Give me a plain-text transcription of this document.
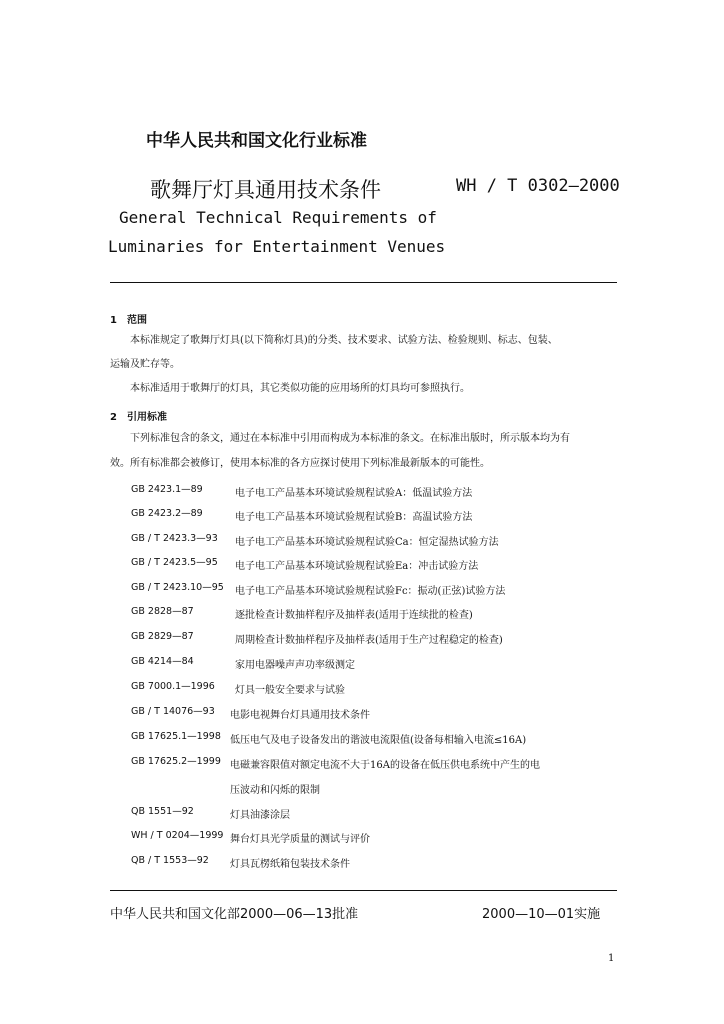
中华人民共和国文化行业标准
歌舞厅灯具通用技术条件	WH / T 0302—2000
General Technical Requirements of
Luminaries for Entertainment Venues
1　范围
本标准规定了歌舞厅灯具(以下简称灯具)的分类、技术要求、试验方法、检验规则、标志、包装、
运输及贮存等。
本标准适用于歌舞厅的灯具，其它类似功能的应用场所的灯具均可参照执行。
2　引用标准
下列标准包含的条文，通过在本标准中引用而构成为本标准的条文。在标准出版时，所示版本均为有
效。所有标准都会被修订，使用本标准的各方应探讨使用下列标准最新版本的可能性。
GB 2423.1—89	电子电工产品基本环境试验规程试验A：低温试验方法
GB 2423.2—89	电子电工产品基本环境试验规程试验B：高温试验方法
GB / T 2423.3—93 电子电工产品基本环境试验规程试验Ca：恒定湿热试验方法
GB / T 2423.5—95 电子电工产品基本环境试验规程试验Ea：冲击试验方法
GB / T 2423.10—95 电子电工产品基本环境试验规程试验Fc：振动(正弦)试验方法
GB 2828—87	逐批检查计数抽样程序及抽样表(适用于连续批的检查)
GB 2829—87	周期检查计数抽样程序及抽样表(适用于生产过程稳定的检查)
GB 4214—84	家用电器噪声声功率级测定
GB 7000.1—1996 灯具一般安全要求与试验
GB / T 14076—93 电影电视舞台灯具通用技术条件
GB 17625.1—1998 低压电气及电子设备发出的谐波电流限值(设备每相输入电流≤16A)
GB 17625.2—1999 电磁兼容限值对额定电流不大于16A的设备在低压供电系统中产生的电
压波动和闪烁的限制
QB 1551—92	灯具油漆涂层
WH / T 0204—1999 舞台灯具光学质量的测试与评价
QB / T 1553—92 灯具瓦楞纸箱包装技术条件
中华人民共和国文化部2000—06—13批准	2000—10—01实施
1
